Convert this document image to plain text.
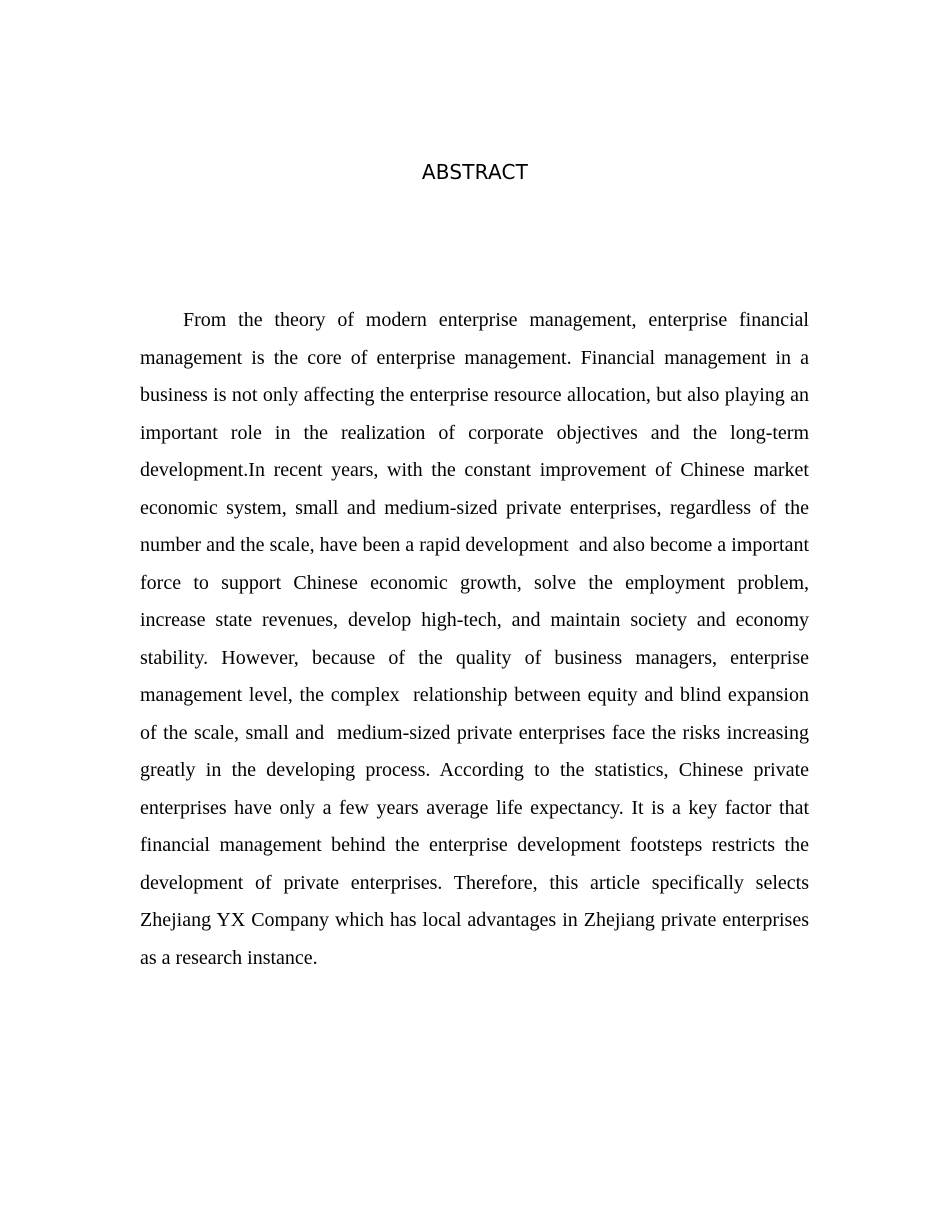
ABSTRACT

From the theory of modern enterprise management, enterprise financial management is the core of enterprise management. Financial management in a business is not only affecting the enterprise resource allocation, but also playing an important role in the realization of corporate objectives and the long-term development.In recent years, with the constant improvement of Chinese market economic system, small and medium-sized private enterprises, regardless of the number and the scale, have been a rapid development  and also become a important force to support Chinese economic growth, solve the employment problem, increase state revenues, develop high-tech, and maintain society and economy stability. However, because of the quality of business managers, enterprise management level, the complex  relationship between equity and blind expansion of the scale, small and  medium-sized private enterprises face the risks increasing greatly in the developing process. According to the statistics, Chinese private enterprises have only a few years average life expectancy. It is a key factor that financial management behind the enterprise development footsteps restricts the development of private enterprises. Therefore, this article specifically selects Zhejiang YX Company which has local advantages in Zhejiang private enterprises as a research instance.
